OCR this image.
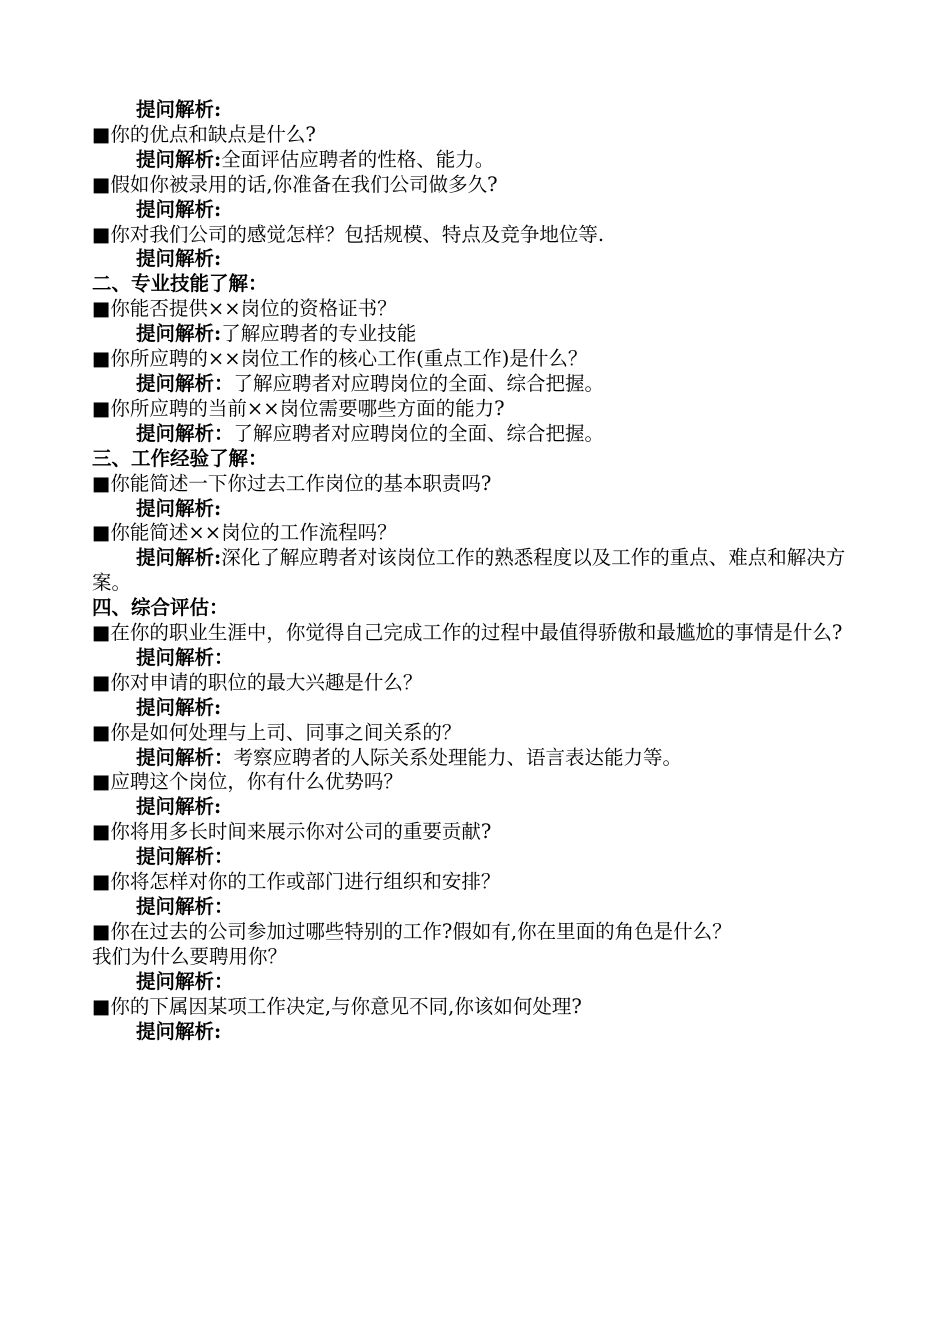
提问解析:
■你的优点和缺点是什么?
提问解析:全面评估应聘者的性格、能力。
■假如你被录用的话,你准备在我们公司做多久?
提问解析:
■你对我们公司的感觉怎样？包括规模、特点及竞争地位等.
提问解析:
二、专业技能了解：
■你能否提供××岗位的资格证书？
提问解析:了解应聘者的专业技能
■你所应聘的××岗位工作的核心工作(重点工作)是什么？
提问解析：了解应聘者对应聘岗位的全面、综合把握。
■你所应聘的当前××岗位需要哪些方面的能力?
提问解析：了解应聘者对应聘岗位的全面、综合把握。
三、工作经验了解：
■你能简述一下你过去工作岗位的基本职责吗?
提问解析:
■你能简述××岗位的工作流程吗？
提问解析:深化了解应聘者对该岗位工作的熟悉程度以及工作的重点、难点和解决方案。
四、综合评估：
■在你的职业生涯中，你觉得自己完成工作的过程中最值得骄傲和最尴尬的事情是什么?
提问解析：
■你对申请的职位的最大兴趣是什么？
提问解析:
■你是如何处理与上司、同事之间关系的？
提问解析：考察应聘者的人际关系处理能力、语言表达能力等。
■应聘这个岗位，你有什么优势吗？
提问解析:
■你将用多长时间来展示你对公司的重要贡献?
提问解析：
■你将怎样对你的工作或部门进行组织和安排？
提问解析：
■你在过去的公司参加过哪些特别的工作?假如有,你在里面的角色是什么？
我们为什么要聘用你？
提问解析：
■你的下属因某项工作决定,与你意见不同,你该如何处理?
提问解析:
